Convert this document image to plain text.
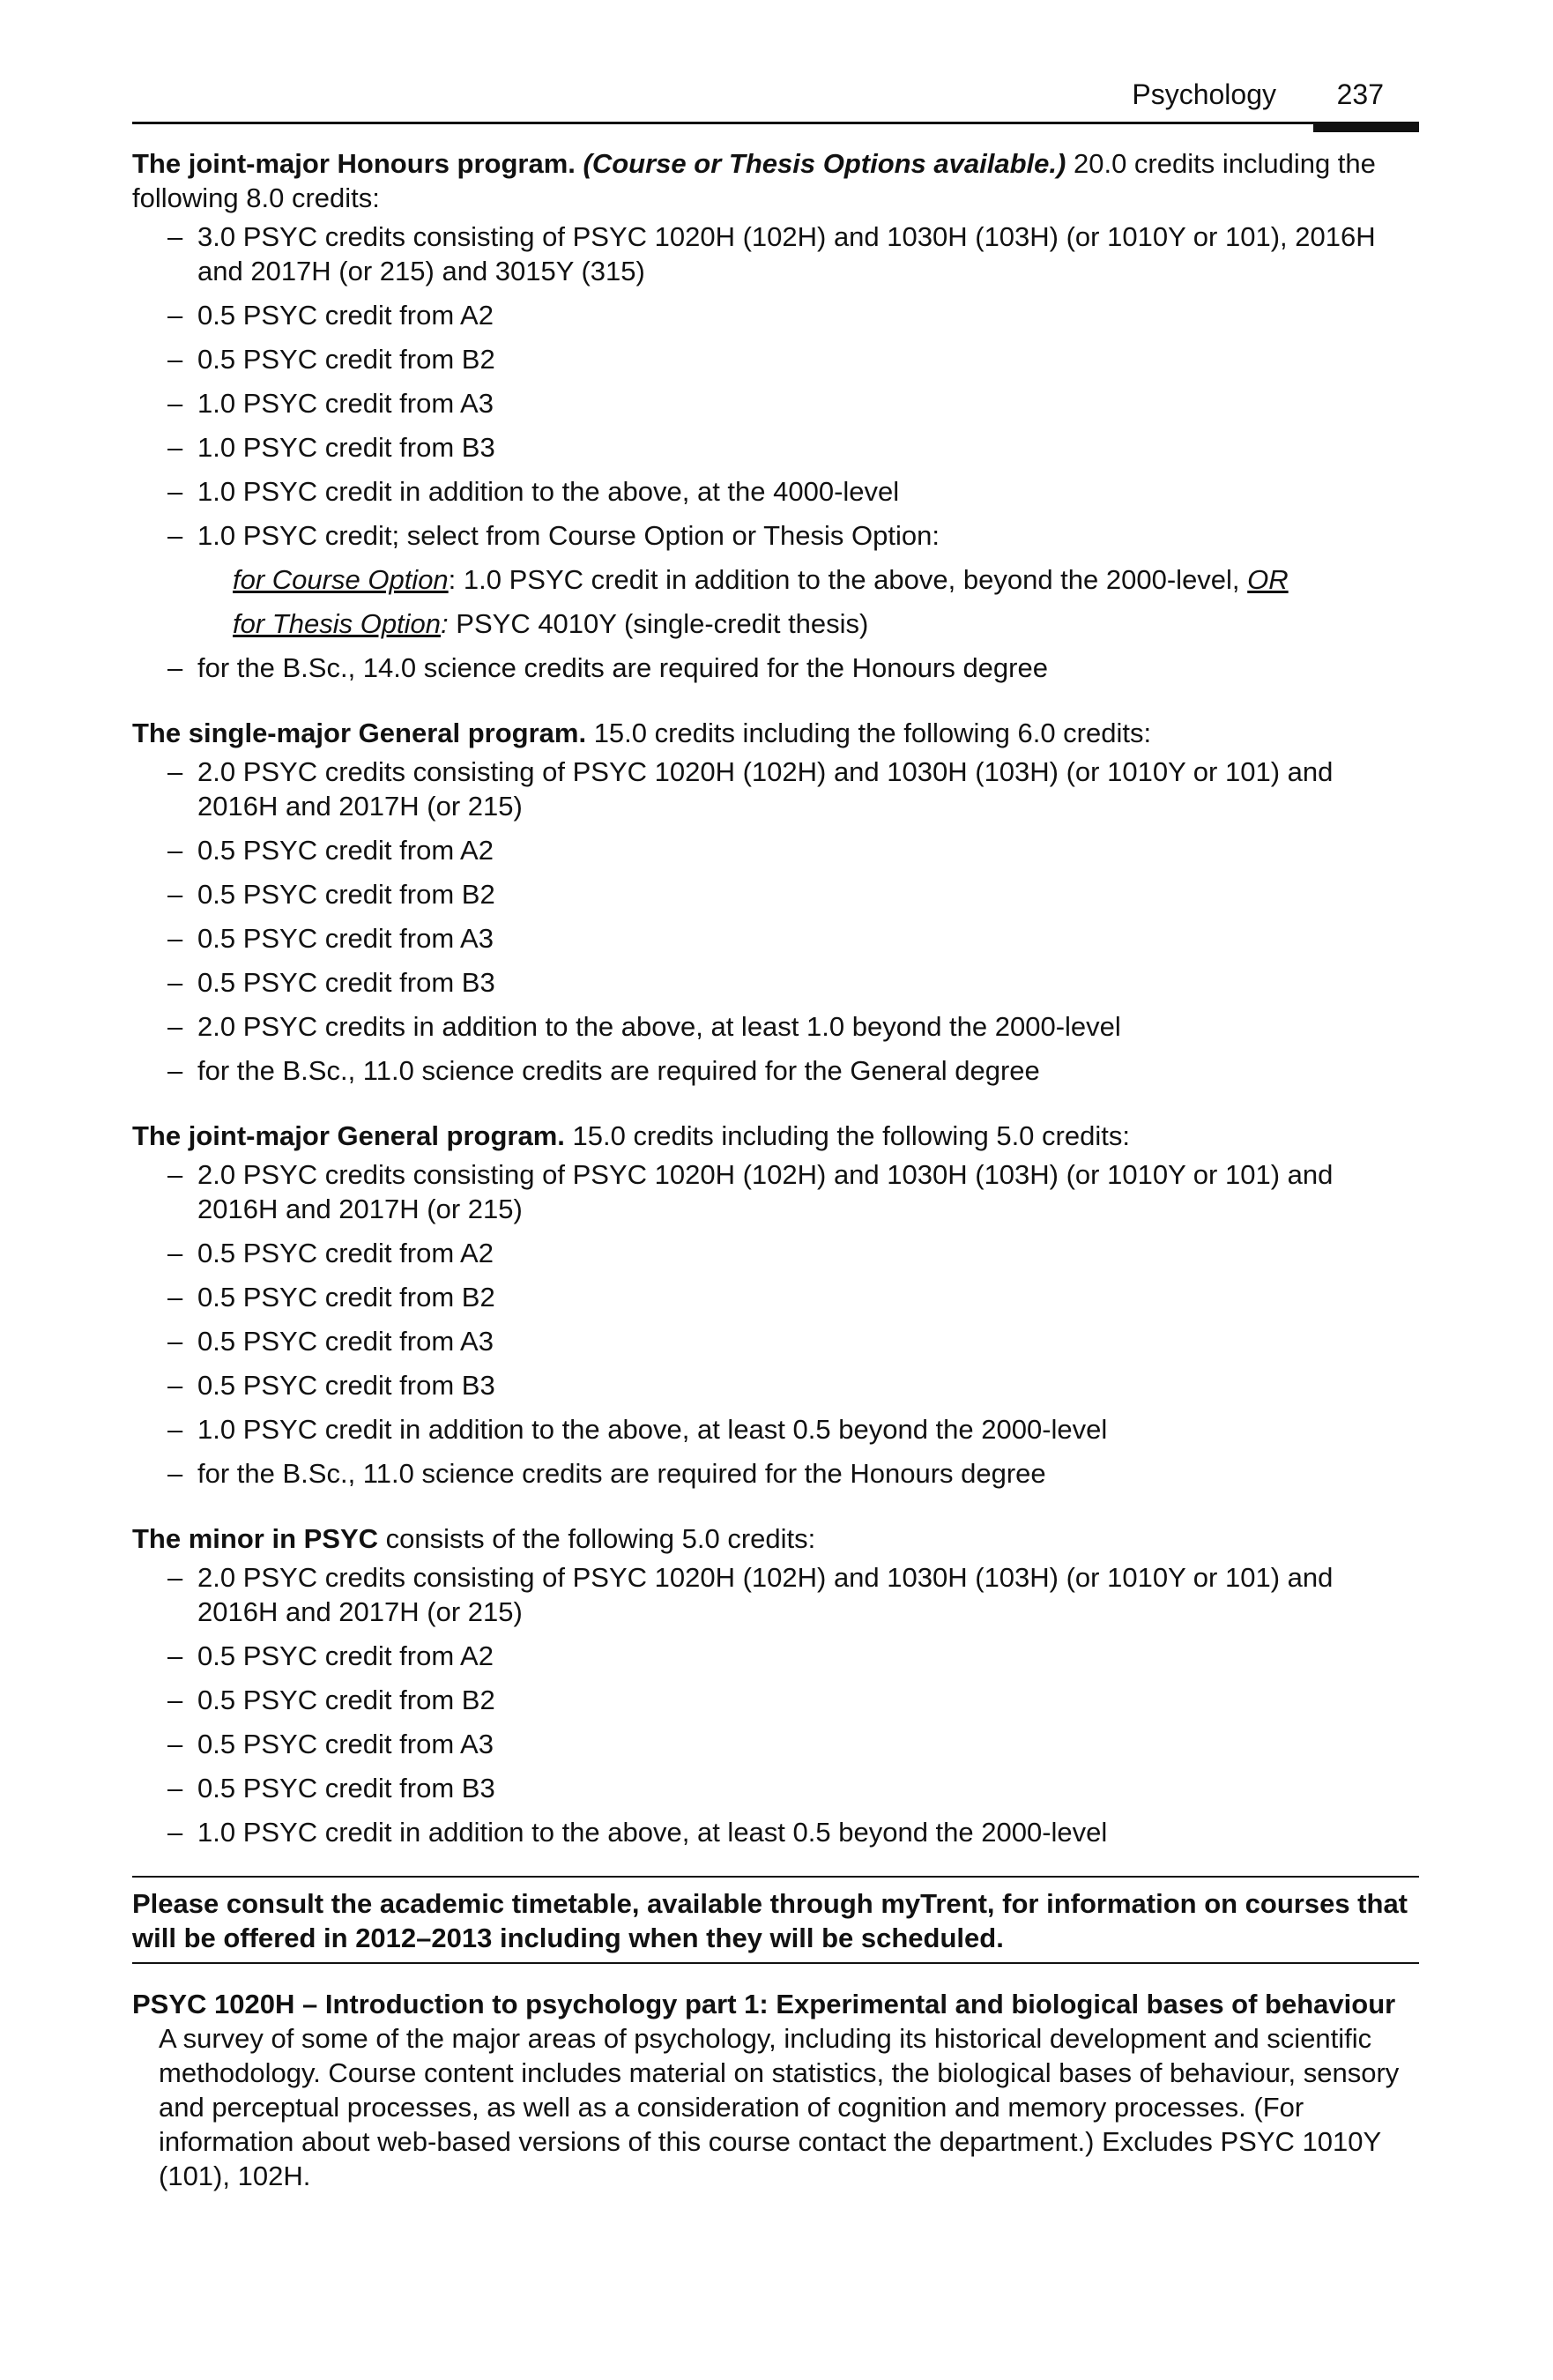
Psychology 237

The joint-major Honours program. (Course or Thesis Options available.) 20.0 credits including the following 8.0 credits:

– 3.0 PSYC credits consisting of PSYC 1020H (102H) and 1030H (103H) (or 1010Y or 101), 2016H and 2017H (or 215) and 3015Y (315)
– 0.5 PSYC credit from A2
– 0.5 PSYC credit from B2
– 1.0 PSYC credit from A3
– 1.0 PSYC credit from B3
– 1.0 PSYC credit in addition to the above, at the 4000-level
– 1.0 PSYC credit; select from Course Option or Thesis Option:
for Course Option: 1.0 PSYC credit in addition to the above, beyond the 2000-level, OR
for Thesis Option: PSYC 4010Y (single-credit thesis)
– for the B.Sc., 14.0 science credits are required for the Honours degree

The single-major General program. 15.0 credits including the following 6.0 credits:

– 2.0 PSYC credits consisting of PSYC 1020H (102H) and 1030H (103H) (or 1010Y or 101) and 2016H and 2017H (or 215)
– 0.5 PSYC credit from A2
– 0.5 PSYC credit from B2
– 0.5 PSYC credit from A3
– 0.5 PSYC credit from B3
– 2.0 PSYC credits in addition to the above, at least 1.0 beyond the 2000-level
– for the B.Sc., 11.0 science credits are required for the General degree

The joint-major General program. 15.0 credits including the following 5.0 credits:

– 2.0 PSYC credits consisting of PSYC 1020H (102H) and 1030H (103H) (or 1010Y or 101) and 2016H and 2017H (or 215)
– 0.5 PSYC credit from A2
– 0.5 PSYC credit from B2
– 0.5 PSYC credit from A3
– 0.5 PSYC credit from B3
– 1.0 PSYC credit in addition to the above, at least 0.5 beyond the 2000-level
– for the B.Sc., 11.0 science credits are required for the Honours degree

The minor in PSYC consists of the following 5.0 credits:

– 2.0 PSYC credits consisting of PSYC 1020H (102H) and 1030H (103H) (or 1010Y or 101) and 2016H and 2017H (or 215)
– 0.5 PSYC credit from A2
– 0.5 PSYC credit from B2
– 0.5 PSYC credit from A3
– 0.5 PSYC credit from B3
– 1.0 PSYC credit in addition to the above, at least 0.5 beyond the 2000-level
Please consult the academic timetable, available through myTrent, for information on courses that will be offered in 2012–2013 including when they will be scheduled.
PSYC 1020H – Introduction to psychology part 1: Experimental and biological bases of behaviour
A survey of some of the major areas of psychology, including its historical development and scientific methodology. Course content includes material on statistics, the biological bases of behaviour, sensory and perceptual processes, as well as a consideration of cognition and memory processes. (For information about web-based versions of this course contact the department.) Excludes PSYC 1010Y (101), 102H.
